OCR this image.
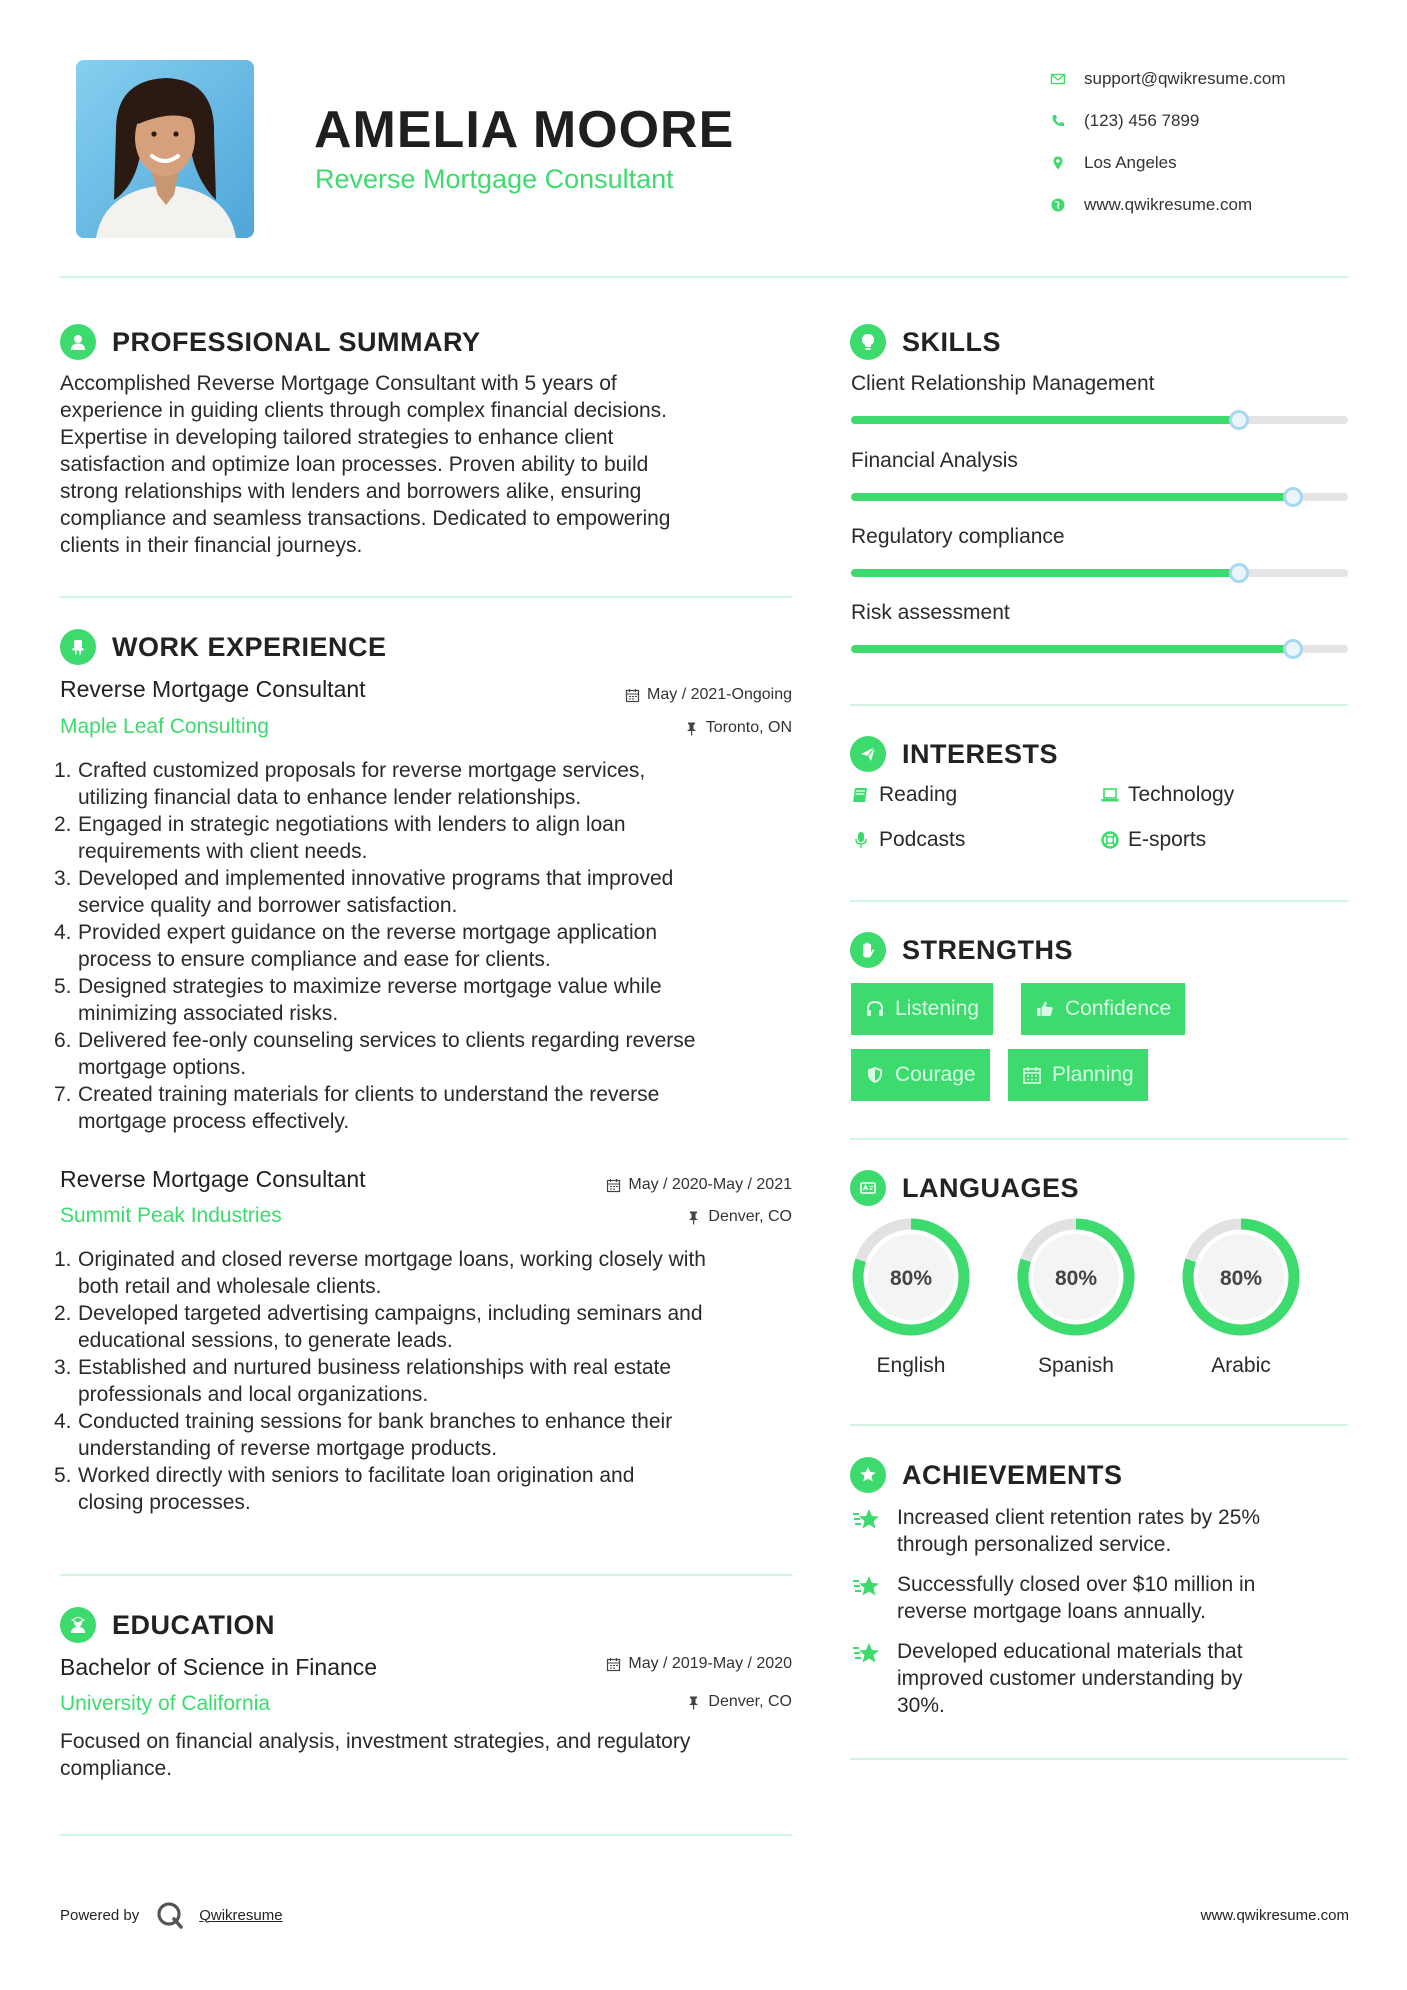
AMELIA MOORE
Reverse Mortgage Consultant
support@qwikresume.com
(123) 456 7899
Los Angeles
www.qwikresume.com
PROFESSIONAL SUMMARY
Accomplished Reverse Mortgage Consultant with 5 years of
experience in guiding clients through complex financial decisions.
Expertise in developing tailored strategies to enhance client
satisfaction and optimize loan processes. Proven ability to build
strong relationships with lenders and borrowers alike, ensuring
compliance and seamless transactions. Dedicated to empowering
clients in their financial journeys.
WORK EXPERIENCE
Reverse Mortgage Consultant	May / 2021-Ongoing
Maple Leaf Consulting	Toronto, ON
1. Crafted customized proposals for reverse mortgage services,
utilizing financial data to enhance lender relationships.
2. Engaged in strategic negotiations with lenders to align loan
requirements with client needs.
3. Developed and implemented innovative programs that improved
service quality and borrower satisfaction.
4. Provided expert guidance on the reverse mortgage application
process to ensure compliance and ease for clients.
5. Designed strategies to maximize reverse mortgage value while
minimizing associated risks.
6. Delivered fee-only counseling services to clients regarding reverse
mortgage options.
7. Created training materials for clients to understand the reverse
mortgage process effectively.
Reverse Mortgage Consultant	May / 2020-May / 2021
Summit Peak Industries	Denver, CO
1. Originated and closed reverse mortgage loans, working closely with
both retail and wholesale clients.
2. Developed targeted advertising campaigns, including seminars and
educational sessions, to generate leads.
3. Established and nurtured business relationships with real estate
professionals and local organizations.
4. Conducted training sessions for bank branches to enhance their
understanding of reverse mortgage products.
5. Worked directly with seniors to facilitate loan origination and
closing processes.
EDUCATION
Bachelor of Science in Finance	May / 2019-May / 2020
University of California	Denver, CO
Focused on financial analysis, investment strategies, and regulatory
compliance.
SKILLS
Client Relationship Management
Financial Analysis
Regulatory compliance
Risk assessment
INTERESTS
Reading	Technology
Podcasts	E-sports
STRENGTHS
Listening	Confidence
Courage	Planning
LANGUAGES
80%
English
80%
Spanish
80%
Arabic
ACHIEVEMENTS
Increased client retention rates by 25%
through personalized service.
Successfully closed over $10 million in
reverse mortgage loans annually.
Developed educational materials that
improved customer understanding by
30%.
Powered by	Qwikresume	www.qwikresume.com
